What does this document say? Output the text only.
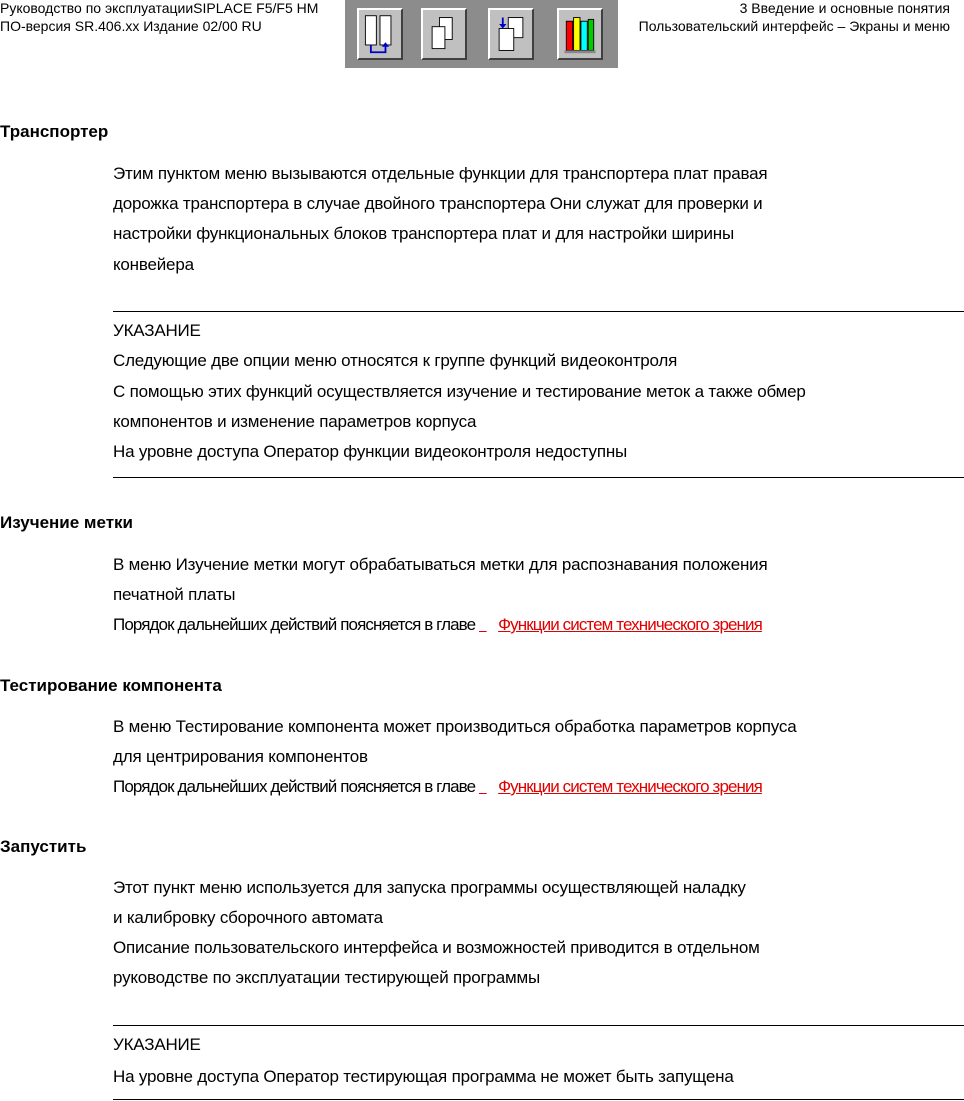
Руководство по эксплуатацииSIPLACE F5/F5 HM
ПО-версия SR.406.xx Издание 02/00 RU
3 Введение и основные понятия
Пользовательский интерфейс – Экраны и меню
Транспортер
Этим пунктом меню вызываются отдельные функции для транспортера плат правая
дорожка транспортера в случае двойного транспортера Они служат для проверки и
настройки функциональных блоков транспортера плат и для настройки ширины
конвейера
УКАЗАНИЕ
Следующие две опции меню относятся к группе функций видеоконтроля
С помощью этих функций осуществляется изучение и тестирование меток а также обмер
компонентов и изменение параметров корпуса
На уровне доступа Оператор функции видеоконтроля недоступны
Изучение метки
В меню Изучение метки могут обрабатываться метки для распознавания положения
печатной платы
Порядок дальнейших действий поясняется в главе Функции систем технического зрения
Тестирование компонента
В меню Тестирование компонента может производиться обработка параметров корпуса
для центрирования компонентов
Порядок дальнейших действий поясняется в главе Функции систем технического зрения
Запустить
Этот пункт меню используется для запуска программы осуществляющей наладку
и калибровку сборочного автомата
Описание пользовательского интерфейса и возможностей приводится в отдельном
руководстве по эксплуатации тестирующей программы
УКАЗАНИЕ
На уровне доступа Оператор тестирующая программа не может быть запущена
